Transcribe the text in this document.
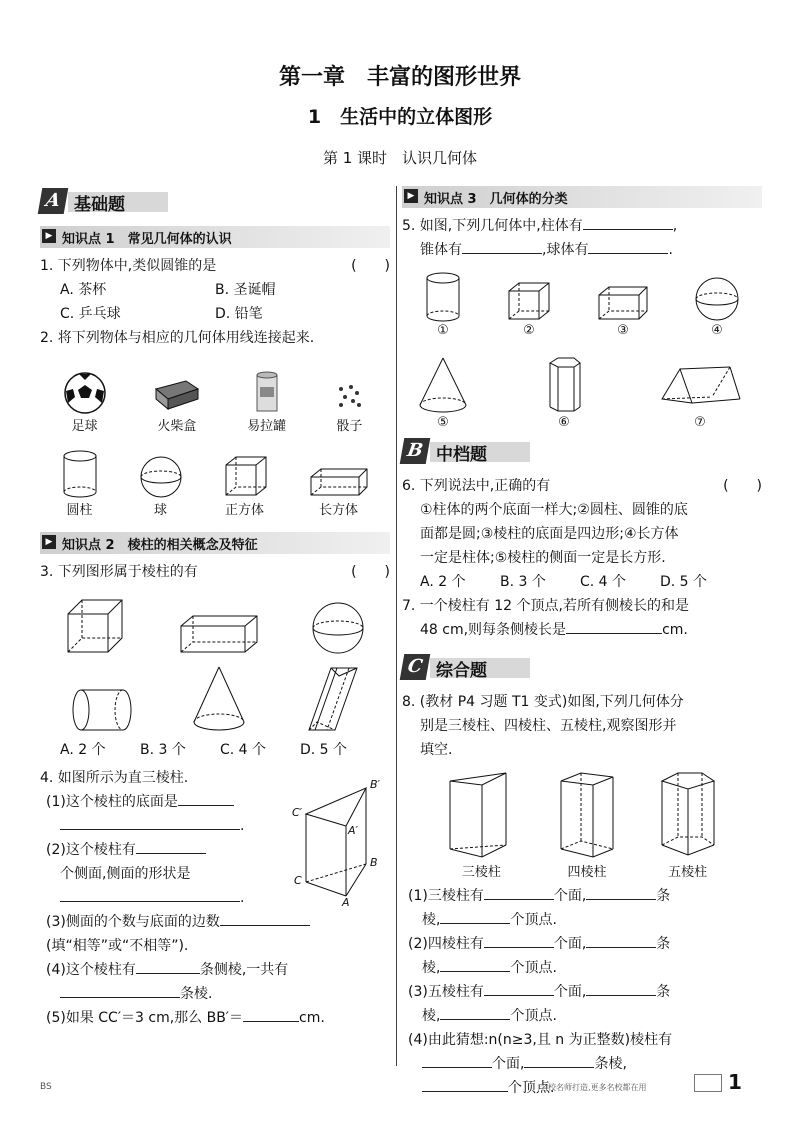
第一章　丰富的图形世界
1　生活中的立体图形
第 1 课时　认识几何体
A 基础题
▶ 知识点 1　常见几何体的认识
1. 下列物体中,类似圆锥的是	(　　)
A. 茶杯	B. 圣诞帽
C. 乒乓球	D. 铅笔
2. 将下列物体与相应的几何体用线连接起来.
足球	火柴盒	易拉罐	骰子
圆柱	球	正方体	长方体
▶ 知识点 2　棱柱的相关概念及特征
3. 下列图形属于棱柱的有	(　　)
A. 2 个	B. 3 个	C. 4 个	D. 5 个
4. 如图所示为直三棱柱.
(1)这个棱柱的底面是
.
(2)这个棱柱有
个侧面,侧面的形状是
.
(3)侧面的个数与底面的边数
(填“相等”或“不相等”).
(4)这个棱柱有	条侧棱,一共有
条棱.
(5)如果 CC′＝3 cm,那么 BB′＝	cm.
B′
C′
A′
B
C
A
▶ 知识点 3　几何体的分类
5. 如图,下列几何体中,柱体有	,
锥体有	,球体有	.
①	②	③	④
⑤	⑥	⑦
B 中档题
6. 下列说法中,正确的有	(　　)
①柱体的两个底面一样大;②圆柱、圆锥的底
面都是圆;③棱柱的底面是四边形;④长方体
一定是柱体;⑤棱柱的侧面一定是长方形.
A. 2 个	B. 3 个	C. 4 个	D. 5 个
7. 一个棱柱有 12 个顶点,若所有侧棱长的和是
48 cm,则每条侧棱长是	cm.
C 综合题
8. (教材 P4 习题 T1 变式)如图,下列几何体分
别是三棱柱、四棱柱、五棱柱,观察图形并
填空.
三棱柱	四棱柱	五棱柱
(1)三棱柱有	个面,	条
棱,	个顶点.
(2)四棱柱有	个面,	条
棱,	个顶点.
(3)五棱柱有	个面,	条
棱,	个顶点.
(4)由此猜想:n(n≥3,且 n 为正整数)棱柱有
个面,	条棱,
个顶点.
BS	名校名师打造,更多名校都在用	1
